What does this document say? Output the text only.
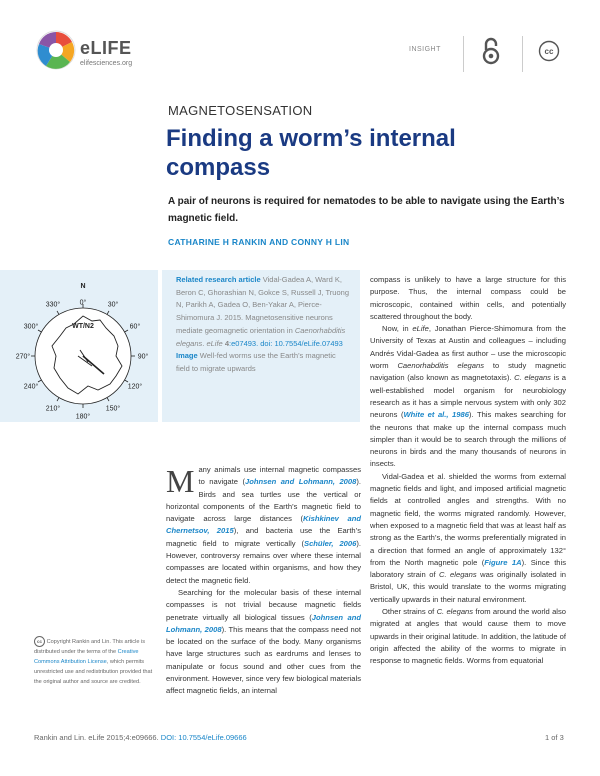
eLIFE
elifesciences.org
INSIGHT	cc
MAGNETOSENSATION
Finding a worm’s internal compass
A pair of neurons is required for nematodes to be able to navigate using the Earth’s magnetic field.
CATHARINE H RANKIN AND CONNY H LIN
N
WT/N2
0°	30°
60°
90°
120°
150°
180°
210°
240°
270°
300°
330°

Related research article Vidal-Gadea A, Ward K, Beron C, Ghorashian N, Gokce S, Russell J, Truong N, Parikh A, Gadea O, Ben-Yakar A, Pierce-Shimomura J. 2015. Magnetosensitive neurons mediate geomagnetic orientation in Caenorhabditis elegans. eLife 4:e07493. doi: 10.7554/eLife.07493

Image Well-fed worms use the Earth’s magnetic field to migrate upwards

Many animals use internal magnetic compasses to navigate (Johnsen and Lohmann, 2008). Birds and sea turtles use the vertical or horizontal components of the Earth’s magnetic field to navigate across large distances (Kishkinev and Chernetsov, 2015), and bacteria use the Earth’s magnetic field to migrate vertically (Schüler, 2006). However, controversy remains over where these internal compasses are located within organisms, and how they detect the magnetic field.

Searching for the molecular basis of these internal compasses is not trivial because magnetic fields penetrate virtually all biological tissues (Johnsen and Lohmann, 2008). This means that the compass need not be located on the surface of the body. Many organisms have large structures such as eardrums and lenses to manipulate or focus sound and other cues from the environment. However, since very few biological materials affect magnetic fields, an internal

compass is unlikely to have a large structure for this purpose. Thus, the internal compass could be microscopic, contained within cells, and potentially scattered throughout the body.

Now, in eLife, Jonathan Pierce-Shimomura from the University of Texas at Austin and colleagues – including Andrés Vidal-Gadea as first author – use the microscopic worm Caenorhabditis elegans to study magnetic navigation (also known as magnetotaxis). C. elegans is a well-established model organism for neurobiology research as it has a simple nervous system with only 302 neurons (White et al., 1986). This makes searching for the neurons that make up the internal compass much simpler than it would be to search through the millions of neurons in birds and the many thousands of neurons in insects.

Vidal-Gadea et al. shielded the worms from external magnetic fields and light, and imposed artificial magnetic fields at controlled angles and strengths. With no magnetic field, the worms migrated randomly. However, when exposed to a magnetic field that was at least half as strong as the Earth’s, the worms preferentially migrated in a direction that formed an angle of approximately 132° from the North magnetic pole (Figure 1A). Since this laboratory strain of C. elegans was originally isolated in Bristol, UK, this would translate to the worms migrating vertically upwards in their natural environment.

Other strains of C. elegans from around the world also migrated at angles that would cause them to move upwards in their original latitude. In addition, the latitude of origin affected the ability of the worms to migrate in response to magnetic fields. Worms from equatorial

cc Copyright Rankin and Lin. This article is distributed under the terms of the Creative Commons Attribution License, which permits unrestricted use and redistribution provided that the original author and source are credited.
Rankin and Lin. eLife 2015;4:e09666. DOI: 10.7554/eLife.09666	1 of 3
